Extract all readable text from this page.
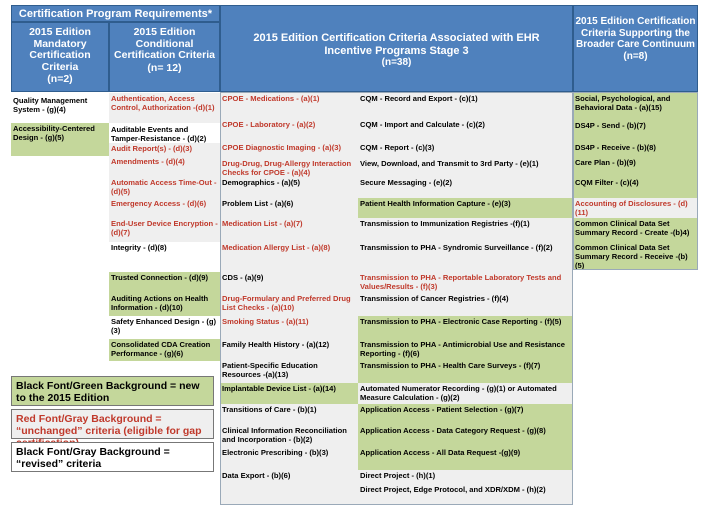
Certification Program Requirements*
2015 Edition Mandatory Certification Criteria
(n=2)
2015 Edition Conditional Certification Criteria
(n= 12)
2015 Edition Certification Criteria Associated with EHR Incentive Programs Stage 3
(n=38)
2015 Edition Certification Criteria Supporting the Broader Care Continuum
(n=8)
Quality Management System - (g)(4)
Accessibility-Centered Design - (g)(5)
Authentication, Access Control, Authorization -(d)(1)
Auditable Events and Tamper-Resistance - (d)(2)
Audit Report(s) - (d)(3)
Amendments - (d)(4)
Automatic Access Time-Out - (d)(5)
Emergency Access - (d)(6)
End-User Device Encryption - (d)(7)
Integrity - (d)(8)
Trusted Connection - (d)(9)
Auditing Actions on Health Information - (d)(10)
Safety Enhanced Design - (g)(3)
Consolidated CDA Creation Performance - (g)(6)
CPOE - Medications - (a)(1)
CPOE - Laboratory - (a)(2)
CPOE Diagnostic Imaging - (a)(3)
Drug-Drug, Drug-Allergy Interaction Checks for CPOE - (a)(4)
Demographics - (a)(5)
Problem List - (a)(6)
Medication List - (a)(7)
Medication Allergy List - (a)(8)
CDS - (a)(9)
Drug-Formulary and Preferred Drug List Checks - (a)(10)
Smoking Status - (a)(11)
Family Health History - (a)(12)
Patient-Specific Education Resources -(a)(13)
Implantable Device List - (a)(14)
Transitions of Care - (b)(1)
Clinical Information Reconciliation and Incorporation - (b)(2)
Electronic Prescribing - (b)(3)
Data Export - (b)(6)
CQM - Record and Export - (c)(1)
CQM - Import and Calculate - (c)(2)
CQM - Report - (c)(3)
View, Download, and Transmit to 3rd Party - (e)(1)
Secure Messaging - (e)(2)
Patient Health Information Capture - (e)(3)
Transmission to Immunization Registries -(f)(1)
Transmission to PHA - Syndromic Surveillance - (f)(2)
Transmission to PHA - Reportable Laboratory Tests and Values/Results - (f)(3)
Transmission of Cancer Registries - (f)(4)
Transmission to PHA - Electronic Case Reporting - (f)(5)
Transmission to PHA - Antimicrobial Use and Resistance Reporting - (f)(6)
Transmission to PHA - Health Care Surveys - (f)(7)
Automated Numerator Recording - (g)(1) or Automated Measure Calculation - (g)(2)
Application Access - Patient Selection - (g)(7)
Application Access - Data Category Request - (g)(8)
Application Access - All Data Request -(g)(9)
Direct Project - (h)(1)
Direct Project, Edge Protocol, and XDR/XDM - (h)(2)
Social, Psychological, and Behavioral Data - (a)(15)
DS4P - Send - (b)(7)
DS4P - Receive - (b)(8)
Care Plan - (b)(9)
CQM Filter - (c)(4)
Accounting of Disclosures - (d)(11)
Common Clinical Data Set Summary Record - Create -(b)4)
Common Clinical Data Set Summary Record - Receive -(b)(5)
Black Font/Green Background = new to the 2015 Edition
Red Font/Gray Background = “unchanged” criteria (eligible for gap
Black Font/Gray Background = “revised” criteria
